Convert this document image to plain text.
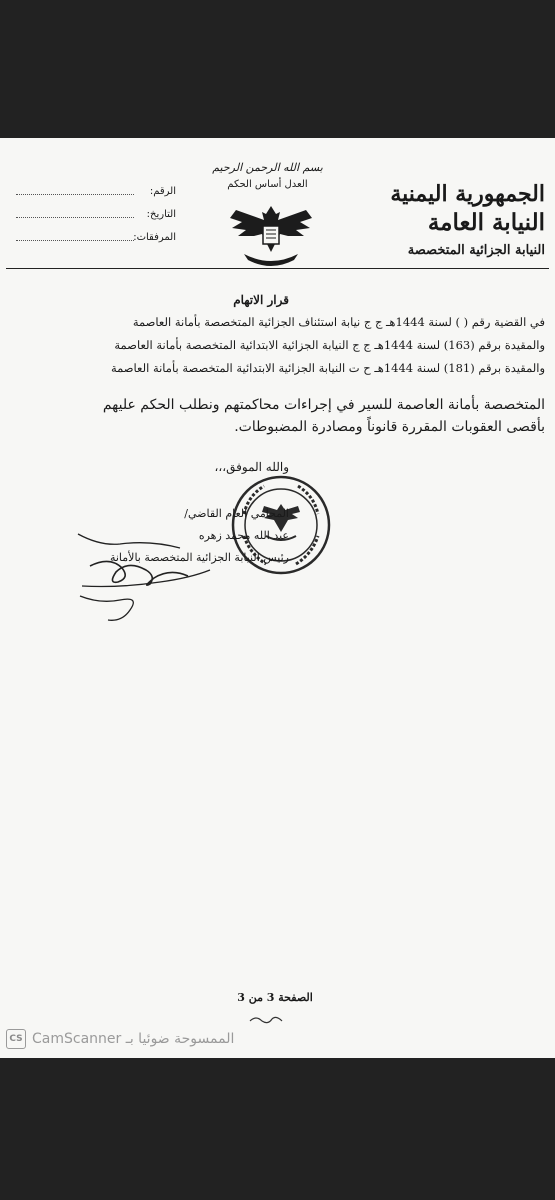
الجمهورية اليمنية
النيابة العامة
النيابة الجزائية المتخصصة
بسم الله الرحمن الرحيم
العدل أساس الحكم
الرقم:
التاريخ:
المرفقات:
قرار الاتهام
في القضية رقم ( ) لسنة 1444هـ ج ج نيابة استئناف الجزائية المتخصصة بأمانة العاصمة
والمقيدة برقم (163) لسنة 1444هـ ج ج النيابة الجزائية الابتدائية المتخصصة بأمانة العاصمة
والمقيدة برقم (181) لسنة 1444هـ ح ت النيابة الجزائية الابتدائية المتخصصة بأمانة العاصمة
المتخصصة بأمانة العاصمة للسير في إجراءات محاكمتهم ونطلب الحكم عليهم
بأقصى العقوبات المقررة قانوناً ومصادرة المضبوطات.
والله الموفق،،،
المحامي العام القاضي/
عبد الله محمد زهره
رئيس النيابة الجزائية المتخصصة بالأمانة
الصفحة 3 من 3
CS الممسوحة ضوئيا بـ CamScanner
